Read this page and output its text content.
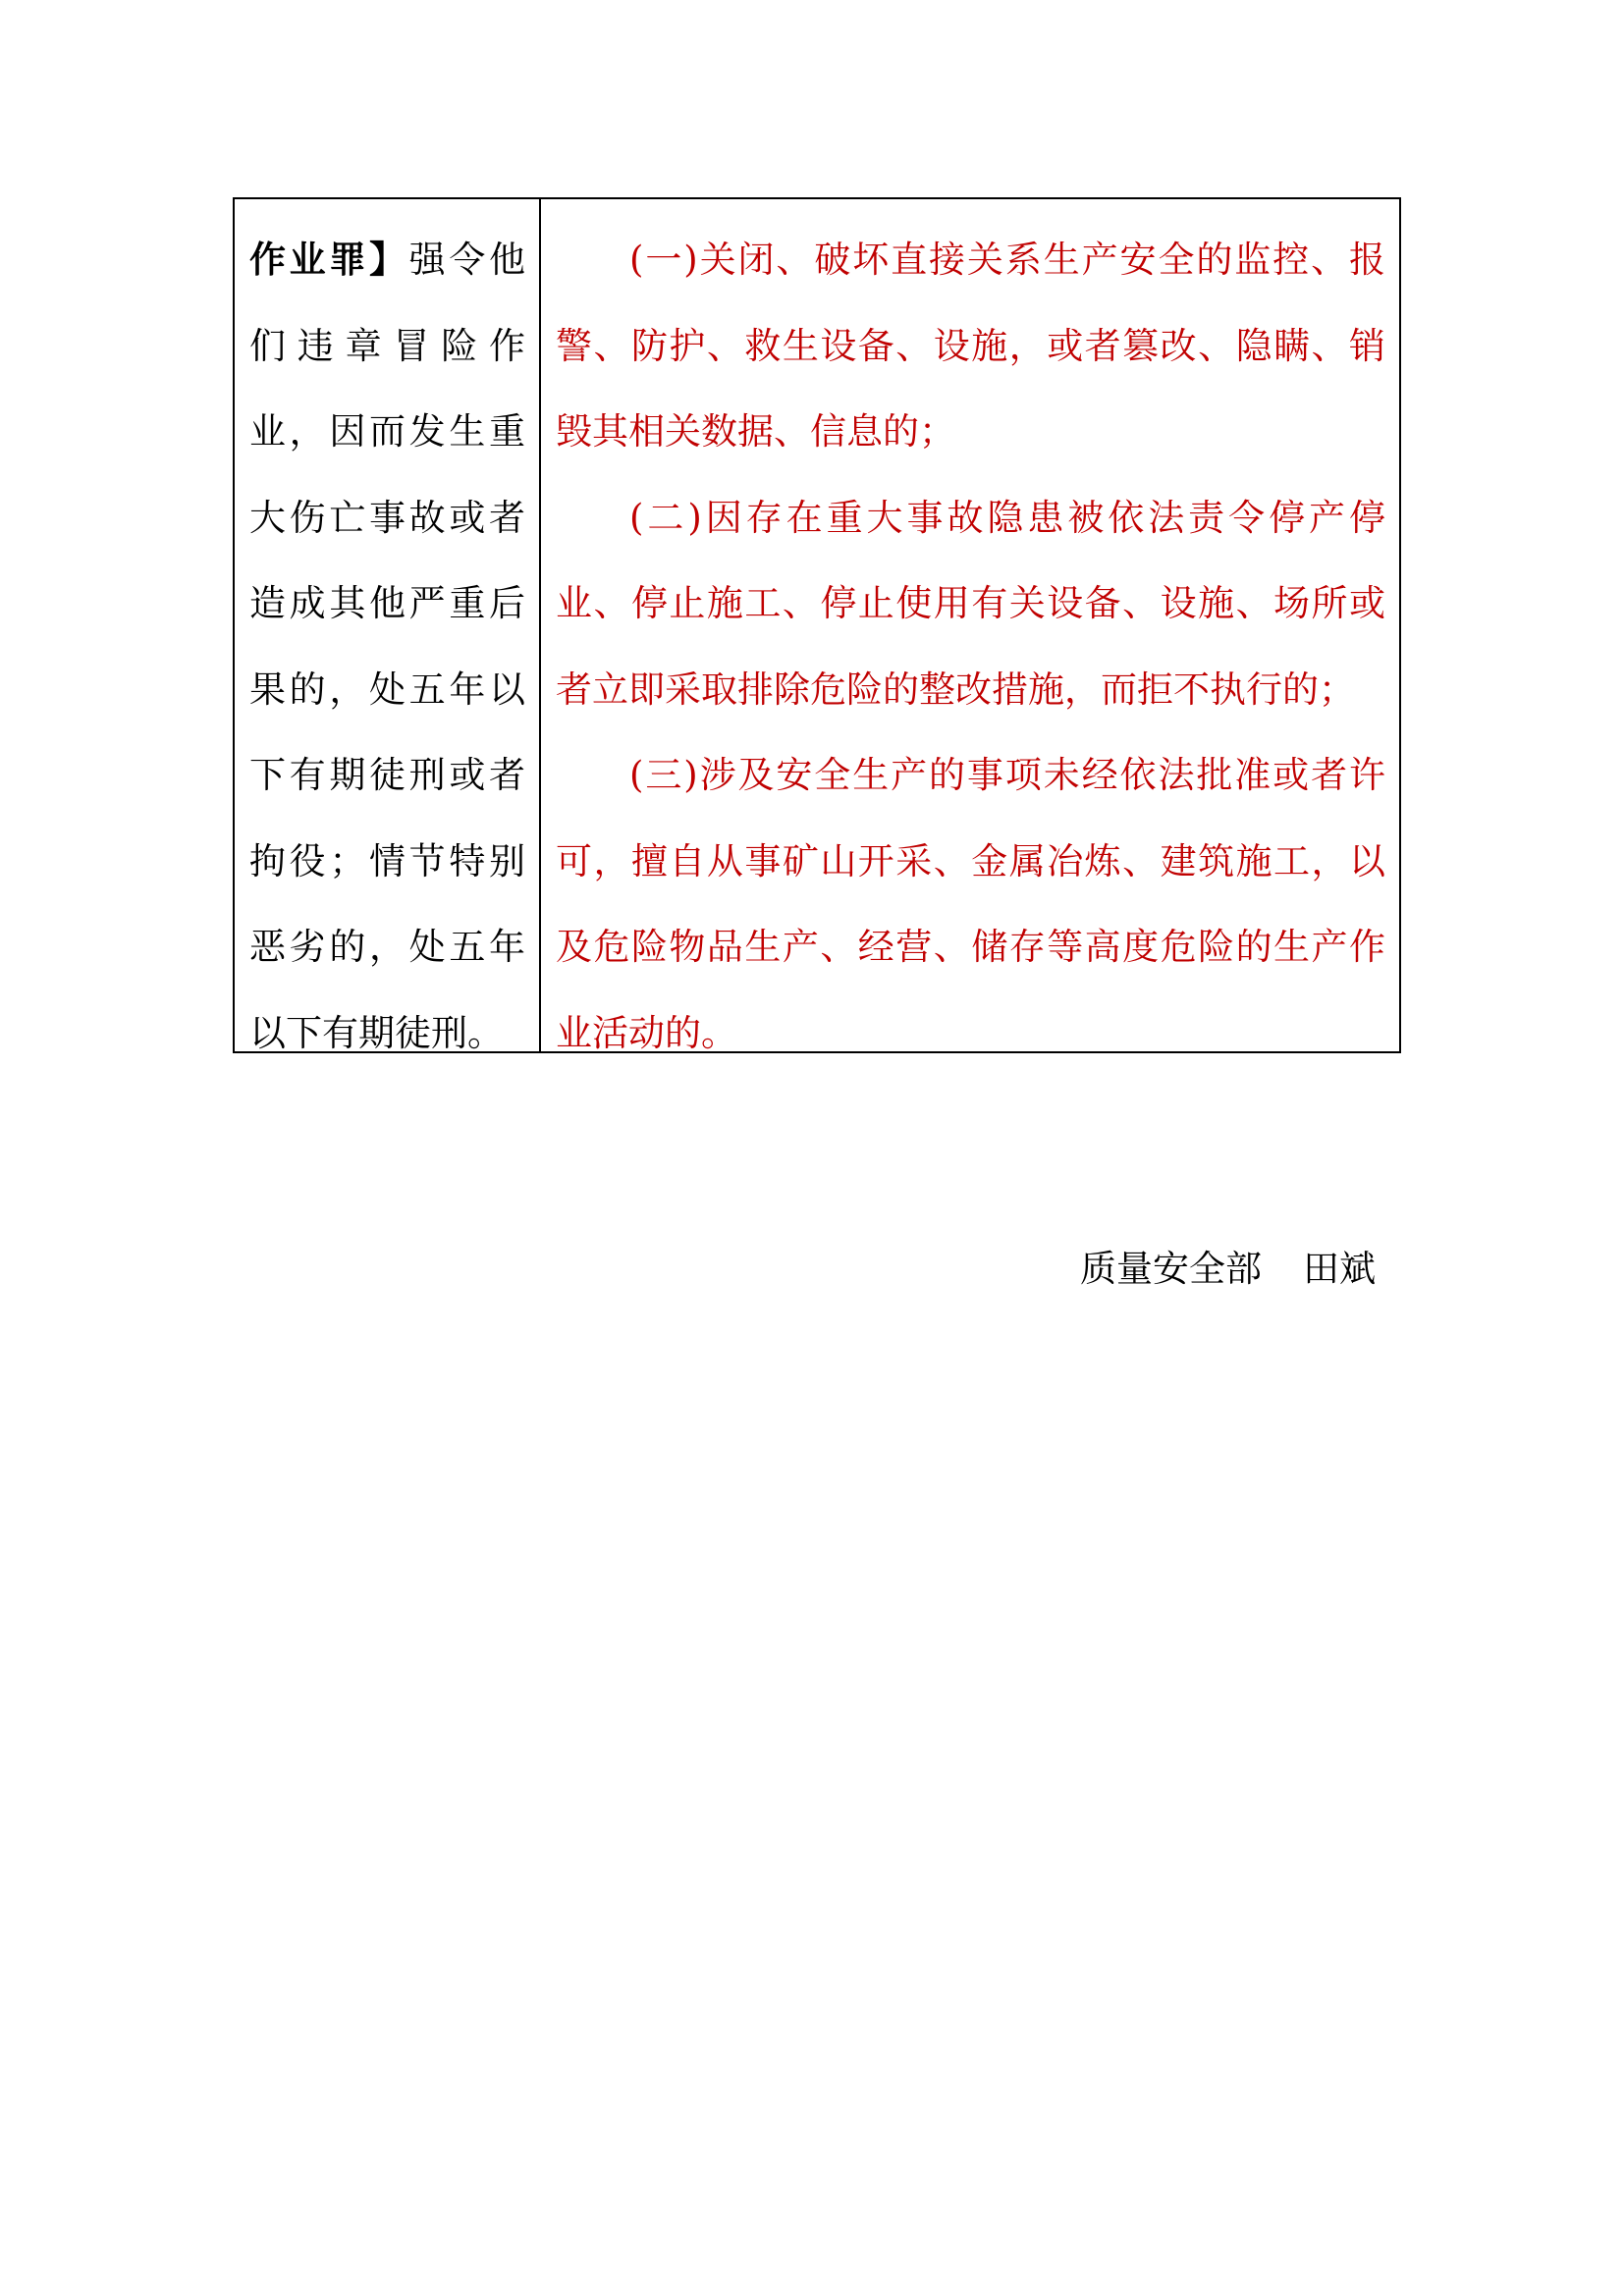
作业罪】强令他
们违章冒险作
业，因而发生重
大伤亡事故或者
造成其他严重后
果的，处五年以
下有期徒刑或者
拘役；情节特别
恶劣的，处五年
以下有期徒刑。
(一)关闭、破坏直接关系生产安全的监控、报
警、防护、救生设备、设施，或者篡改、隐瞒、销
毁其相关数据、信息的；
(二)因存在重大事故隐患被依法责令停产停
业、停止施工、停止使用有关设备、设施、场所或
者立即采取排除危险的整改措施，而拒不执行的；
(三)涉及安全生产的事项未经依法批准或者许
可，擅自从事矿山开采、金属冶炼、建筑施工，以
及危险物品生产、经营、储存等高度危险的生产作
业活动的。
质量安全部 田斌
